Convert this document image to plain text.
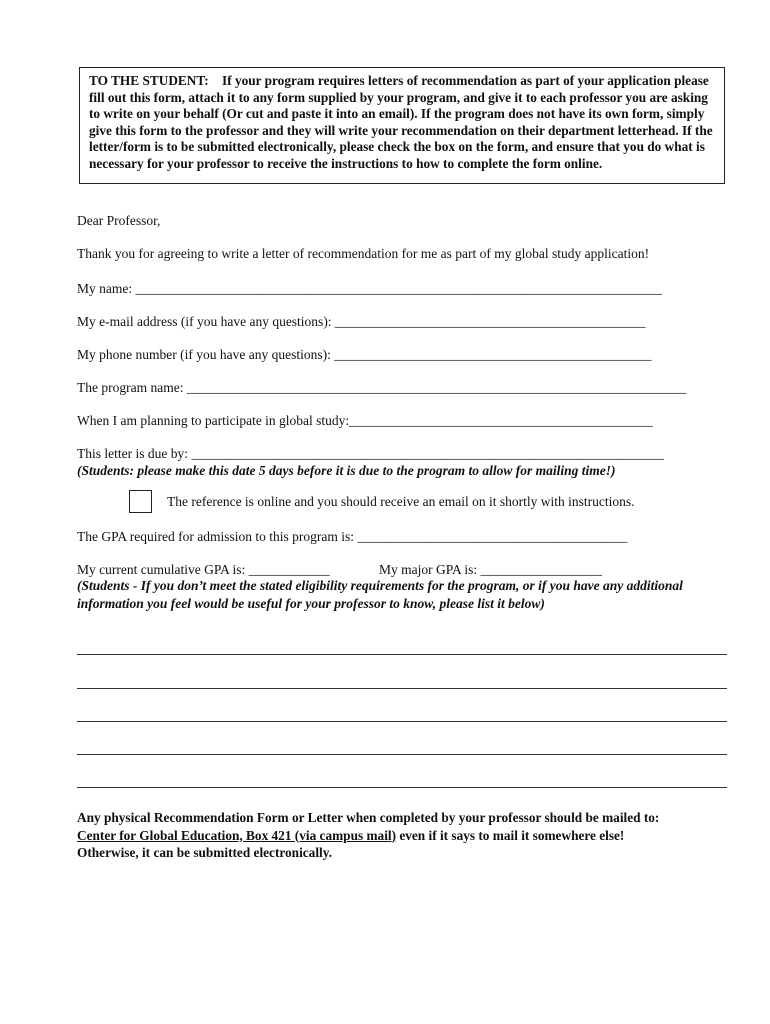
TO THE STUDENT: If your program requires letters of recommendation as part of your application please fill out this form, attach it to any form supplied by your program, and give it to each professor you are asking to write on your behalf (Or cut and paste it into an email). If the program does not have its own form, simply give this form to the professor and they will write your recommendation on their department letterhead. If the letter/form is to be submitted electronically, please check the box on the form, and ensure that you do what is necessary for your professor to receive the instructions to how to complete the form online.
Dear Professor,
Thank you for agreeing to write a letter of recommendation for me as part of my global study application!
My name: ______________________________________________________________________________
My e-mail address (if you have any questions): ______________________________________________
My phone number (if you have any questions): _______________________________________________
The program name: __________________________________________________________________________
When I am planning to participate in global study:_____________________________________________
This letter is due by: ______________________________________________________________________
(Students: please make this date 5 days before it is due to the program to allow for mailing time!)
The reference is online and you should receive an email on it shortly with instructions.
The GPA required for admission to this program is: ________________________________________
My current cumulative GPA is: ____________	My major GPA is: __________________
(Students - If you don’t meet the stated eligibility requirements for the program, or if you have any additional
information you feel would be useful for your professor to know, please list it below)
Any physical Recommendation Form or Letter when completed by your professor should be mailed to:
Center for Global Education, Box 421 (via campus mail) even if it says to mail it somewhere else!
Otherwise, it can be submitted electronically.
